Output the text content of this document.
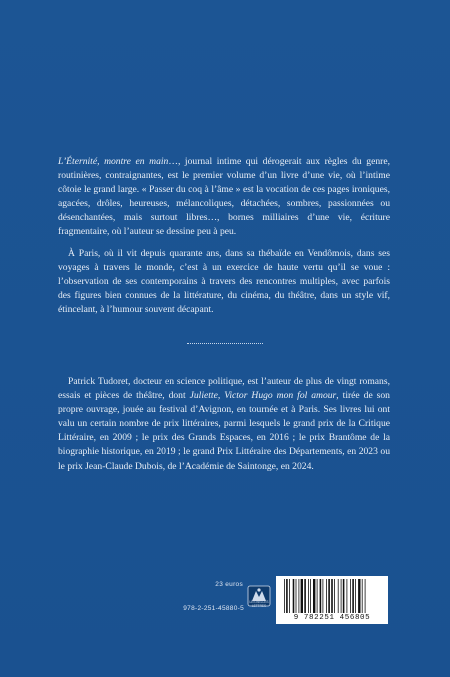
L’Éternité, montre en main…, journal intime qui dérogerait aux règles du genre, routinières, contraignantes, est le premier volume d’un livre d’une vie, où l’intime côtoie le grand large. « Passer du coq à l’âme » est la vocation de ces pages ironiques, agacées, drôles, heureuses, mélancoliques, détachées, sombres, passionnées ou désenchantées, mais surtout libres…, bornes milliaires d’une vie, écriture fragmentaire, où l’auteur se dessine peu à peu.

À Paris, où il vit depuis quarante ans, dans sa thébaïde en Vendômois, dans ses voyages à travers le monde, c’est à un exercice de haute vertu qu’il se voue : l’observation de ses contemporains à travers des rencontres multiples, avec parfois des figures bien connues de la littérature, du cinéma, du théâtre, dans un style vif, étincelant, à l’humour souvent décapant.

Patrick Tudoret, docteur en science politique, est l’auteur de plus de vingt romans, essais et pièces de théâtre, dont Juliette, Victor Hugo mon fol amour, tirée de son propre ouvrage, jouée au festival d’Avignon, en tournée et à Paris. Ses livres lui ont valu un certain nombre de prix littéraires, parmi lesquels le grand prix de la Critique Littéraire, en 2009 ; le prix des Grands Espaces, en 2016 ; le prix Brantôme de la biographie historique, en 2019 ; le grand Prix Littéraire des Départements, en 2023 ou le prix Jean-Claude Dubois, de l’Académie de Saintonge, en 2024.

23 euros
978-2-251-45880-5
LES BELLES LETTRES
9 782251 456805
